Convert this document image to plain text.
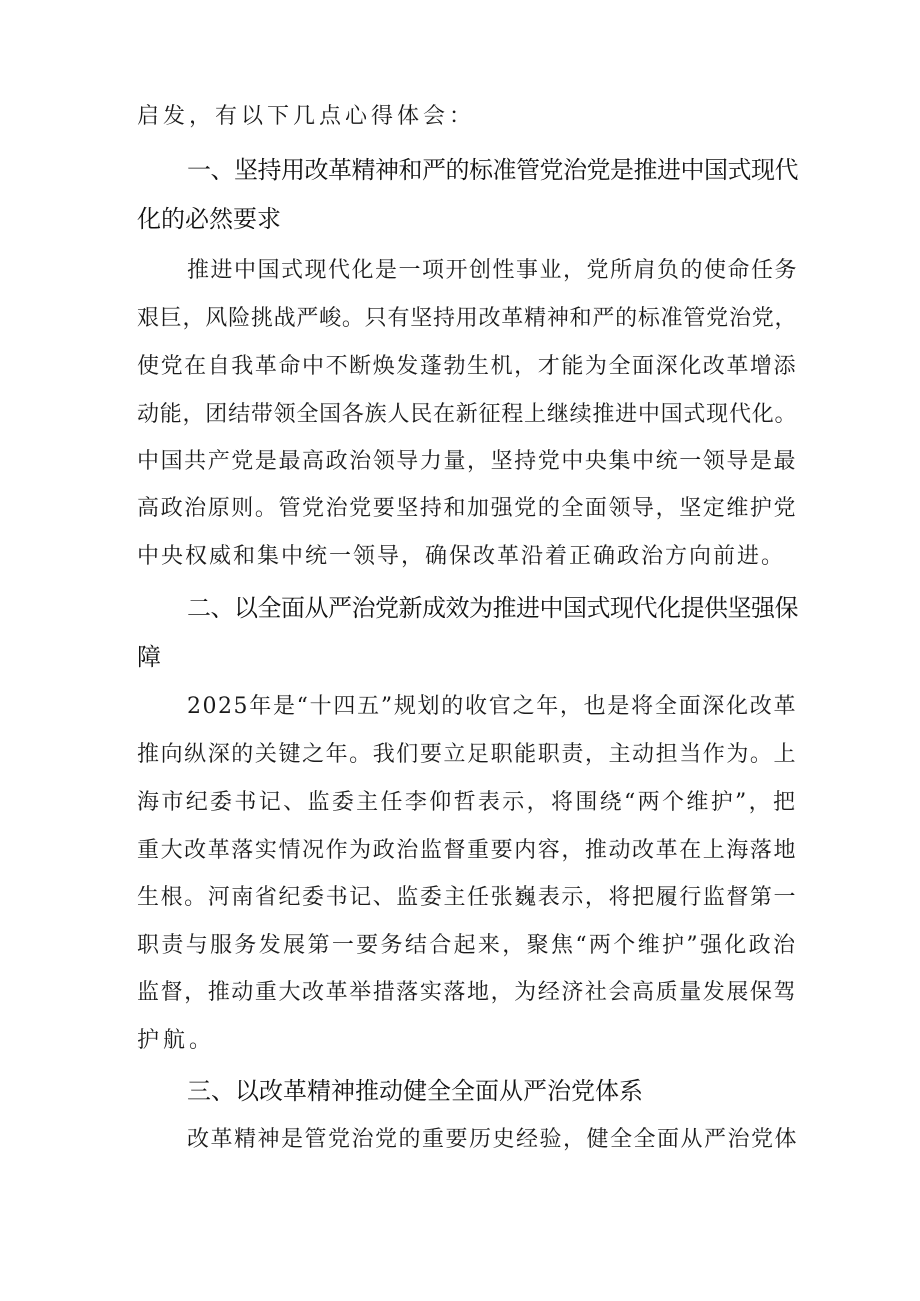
启发，有以下几点心得体会：
一、坚持用改革精神和严的标准管党治党是推进中国式现代
化的必然要求
推进中国式现代化是一项开创性事业，党所肩负的使命任务
艰巨，风险挑战严峻。只有坚持用改革精神和严的标准管党治党，
使党在自我革命中不断焕发蓬勃生机，才能为全面深化改革增添
动能，团结带领全国各族人民在新征程上继续推进中国式现代化。
中国共产党是最高政治领导力量，坚持党中央集中统一领导是最
高政治原则。管党治党要坚持和加强党的全面领导，坚定维护党
中央权威和集中统一领导，确保改革沿着正确政治方向前进。
二、以全面从严治党新成效为推进中国式现代化提供坚强保
障
2025年是“十四五”规划的收官之年，也是将全面深化改革
推向纵深的关键之年。我们要立足职能职责，主动担当作为。上
海市纪委书记、监委主任李仰哲表示，将围绕“两个维护”，把
重大改革落实情况作为政治监督重要内容，推动改革在上海落地
生根。河南省纪委书记、监委主任张巍表示，将把履行监督第一
职责与服务发展第一要务结合起来，聚焦“两个维护”强化政治
监督，推动重大改革举措落实落地，为经济社会高质量发展保驾
护航。
三、以改革精神推动健全全面从严治党体系
改革精神是管党治党的重要历史经验，健全全面从严治党体
